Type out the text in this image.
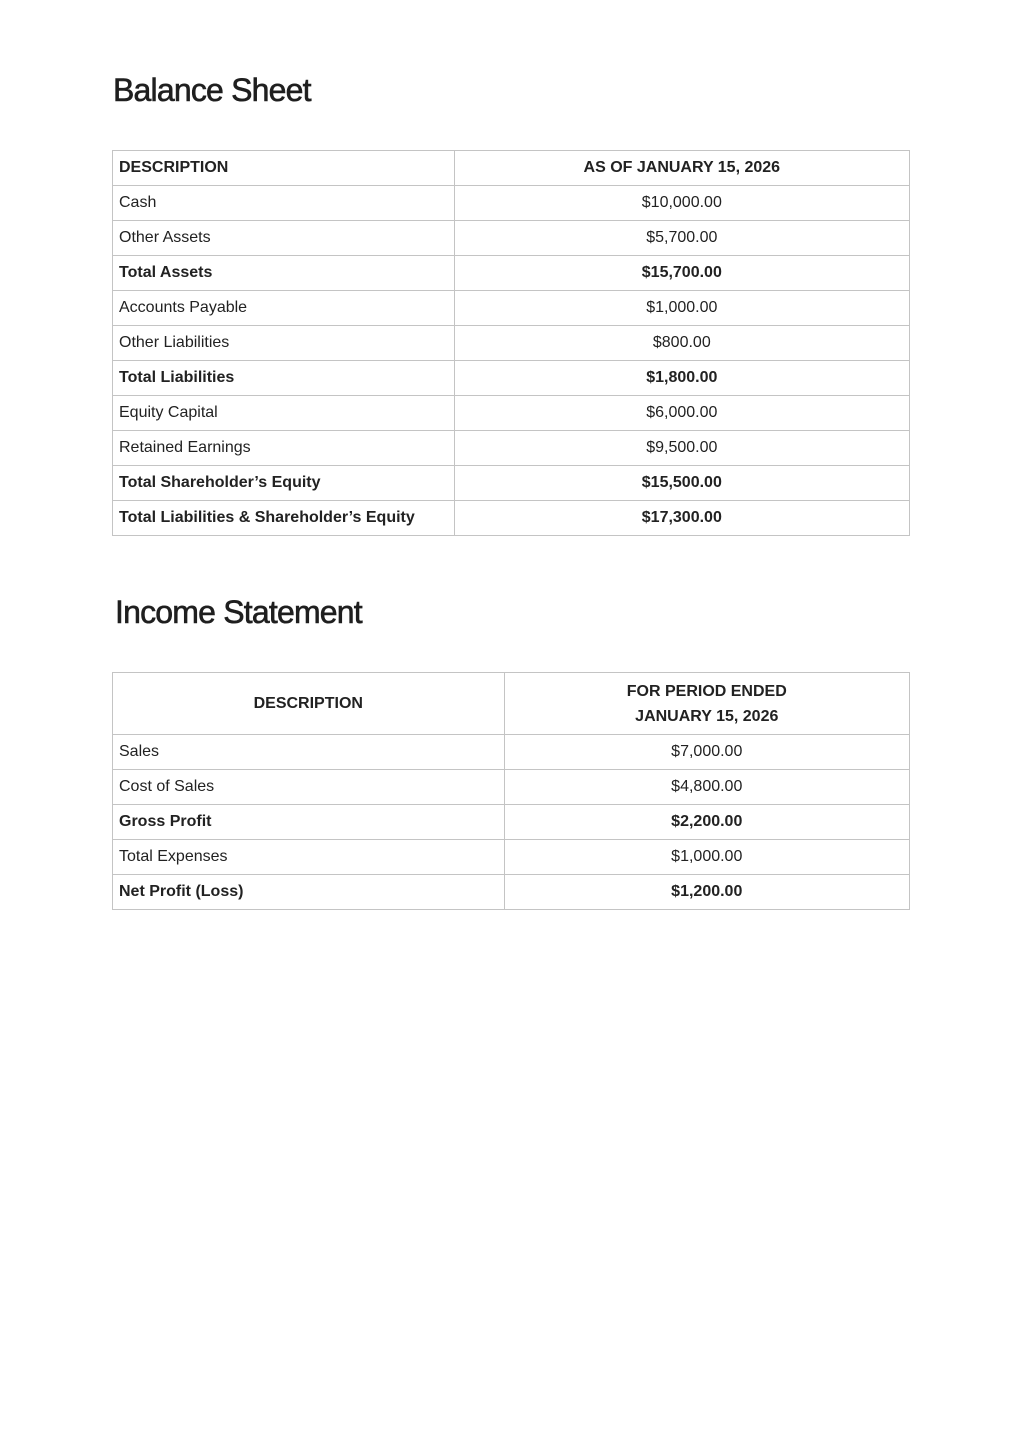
Balance Sheet
DESCRIPTION	AS OF JANUARY 15, 2026
Cash	$10,000.00
Other Assets	$5,700.00
Total Assets	$15,700.00
Accounts Payable	$1,000.00
Other Liabilities	$800.00
Total Liabilities	$1,800.00
Equity Capital	$6,000.00
Retained Earnings	$9,500.00
Total Shareholder’s Equity	$15,500.00
Total Liabilities & Shareholder’s Equity	$17,300.00
Income Statement
DESCRIPTION	FOR PERIOD ENDED
JANUARY 15, 2026

Sales	$7,000.00
Cost of Sales	$4,800.00
Gross Profit	$2,200.00
Total Expenses	$1,000.00
Net Profit (Loss)	$1,200.00
